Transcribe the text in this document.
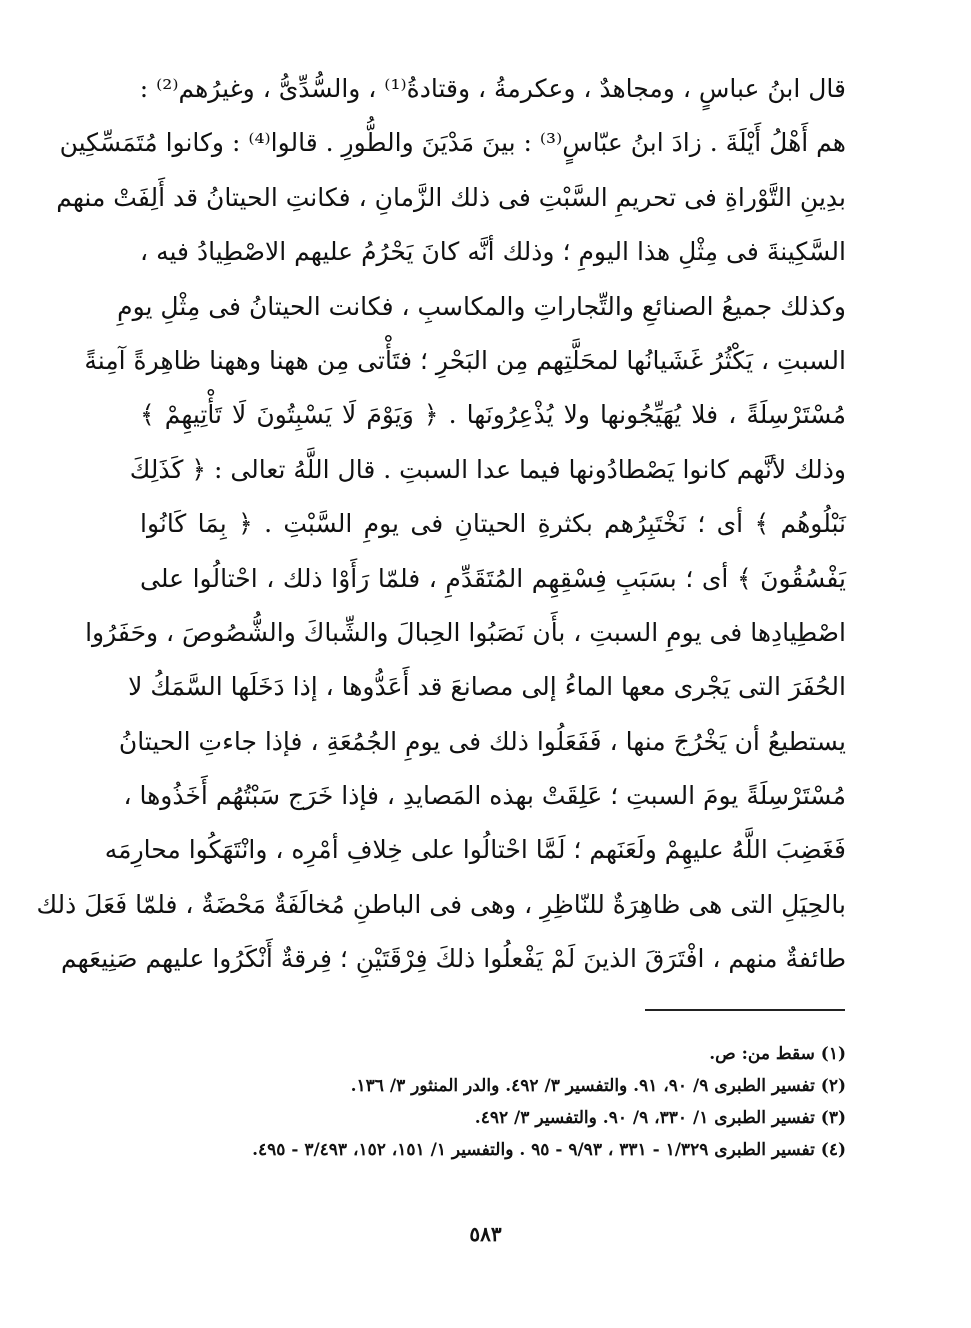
قال ابنُ عباسٍ ، ومجاهدٌ ، وعكرمةُ ، وقتادةُ⁽¹⁾ ، والسُّدِّىُّ ، وغيرُهم⁽²⁾ :
هم أَهْلُ أَيْلَةَ . زادَ ابنُ عبّاسٍ⁽³⁾ : بينَ مَدْيَنَ والطُّورِ . قالوا⁽⁴⁾ : وكانوا مُتَمَسِّكِين
بدِينِ التَّوْراةِ فى تحريمِ السَّبْتِ فى ذلك الزَّمانِ ، فكانتِ الحيتانُ قد أَلِفَتْ منهم
السَّكِينةَ فى مِثْلِ هذا اليومِ ؛ وذلك أنَّه كانَ يَحْرُمُ عليهم الاصْطِيادُ فيه ،
وكذلك جميعُ الصنائعِ والتِّجاراتِ والمكاسبِ ، فكانت الحيتانُ فى مِثْلِ يومِ
السبتِ ، يَكْثُرُ غَشَيانُها لمحَلَّتِهم مِن البَحْرِ ؛ فتَأْتى مِن ههنا وههنا ظاهِرةً آمِنةً
مُسْتَرْسِلَةً ، فلا يُهَيِّجُونها ولا يُذْعِرُونَها . ﴿ وَيَوْمَ لَا يَسْبِتُونَ لَا تَأْتِيهِمْ ﴾
وذلك لأنَّهم كانوا يَصْطادُونها فيما عدا السبتِ . قال اللَّهُ تعالى : ﴿ كَذَلِكَ
نَبْلُوهُم ﴾ أى ؛ نَخْتَبِرُهم بكثرةِ الحيتانِ فى يومِ السَّبْتِ . ﴿ بِمَا كَانُوا
يَفْسُقُونَ ﴾ أى ؛ بسَبَبِ فِسْقِهِم المُتَقَدِّمِ ، فلمّا رَأَوْا ذلك ، احْتالُوا على
اصْطِيادِها فى يومِ السبتِ ، بأَن نَصَبُوا الحِبالَ والشِّباكَ والشُّصُوصَ ، وحَفَرُوا
الحُفَرَ التى يَجْرى معها الماءُ إلى مصانعَ قد أَعَدُّوها ، إذا دَخَلَها السَّمَكُ لا
يستطيعُ أن يَخْرُجَ منها ، فَفَعَلُوا ذلك فى يومِ الجُمُعَةِ ، فإذا جاءتِ الحيتانُ
مُسْتَرْسِلَةً يومَ السبتِ ؛ عَلِقَتْ بهذه المَصايدِ ، فإذا خَرَج سَبْتُهُم أَخَذُوها ،
فَغَضِبَ اللَّهُ عليهِمْ ولَعَنَهم ؛ لَمَّا احْتالُوا على خِلافِ أمْرِه ، وانْتَهَكُوا محارِمَه
بالحِيَلِ التى هى ظاهِرَةٌ للنّاظِرِ ، وهى فى الباطنِ مُخالَفَةٌ مَحْضَةٌ ، فلمّا فَعَلَ ذلك
طائفةٌ منهم ، افْتَرَقَ الذينَ لَمْ يَفْعلُوا ذلكَ فِرْقَتَيْنِ ؛ فِرقةٌ أَنْكَرُوا عليهم صَنِيعَهم
(١) سقط من: ص.
(٢) تفسير الطبرى ٩/ ٩٠، ٩١. والتفسير ٣/ ٤٩٢. والدر المنثور ٣/ ١٣٦.
(٣) تفسير الطبرى ١/ ٣٣٠، ٩/ ٩٠. والتفسير ٣/ ٤٩٢.
(٤) تفسير الطبرى ١/٣٢٩ - ٣٣١ ، ٩/٩٣ - ٩٥ . والتفسير ١/ ١٥١، ١٥٢، ٣/٤٩٣ - ٤٩٥.
٥٨٣
